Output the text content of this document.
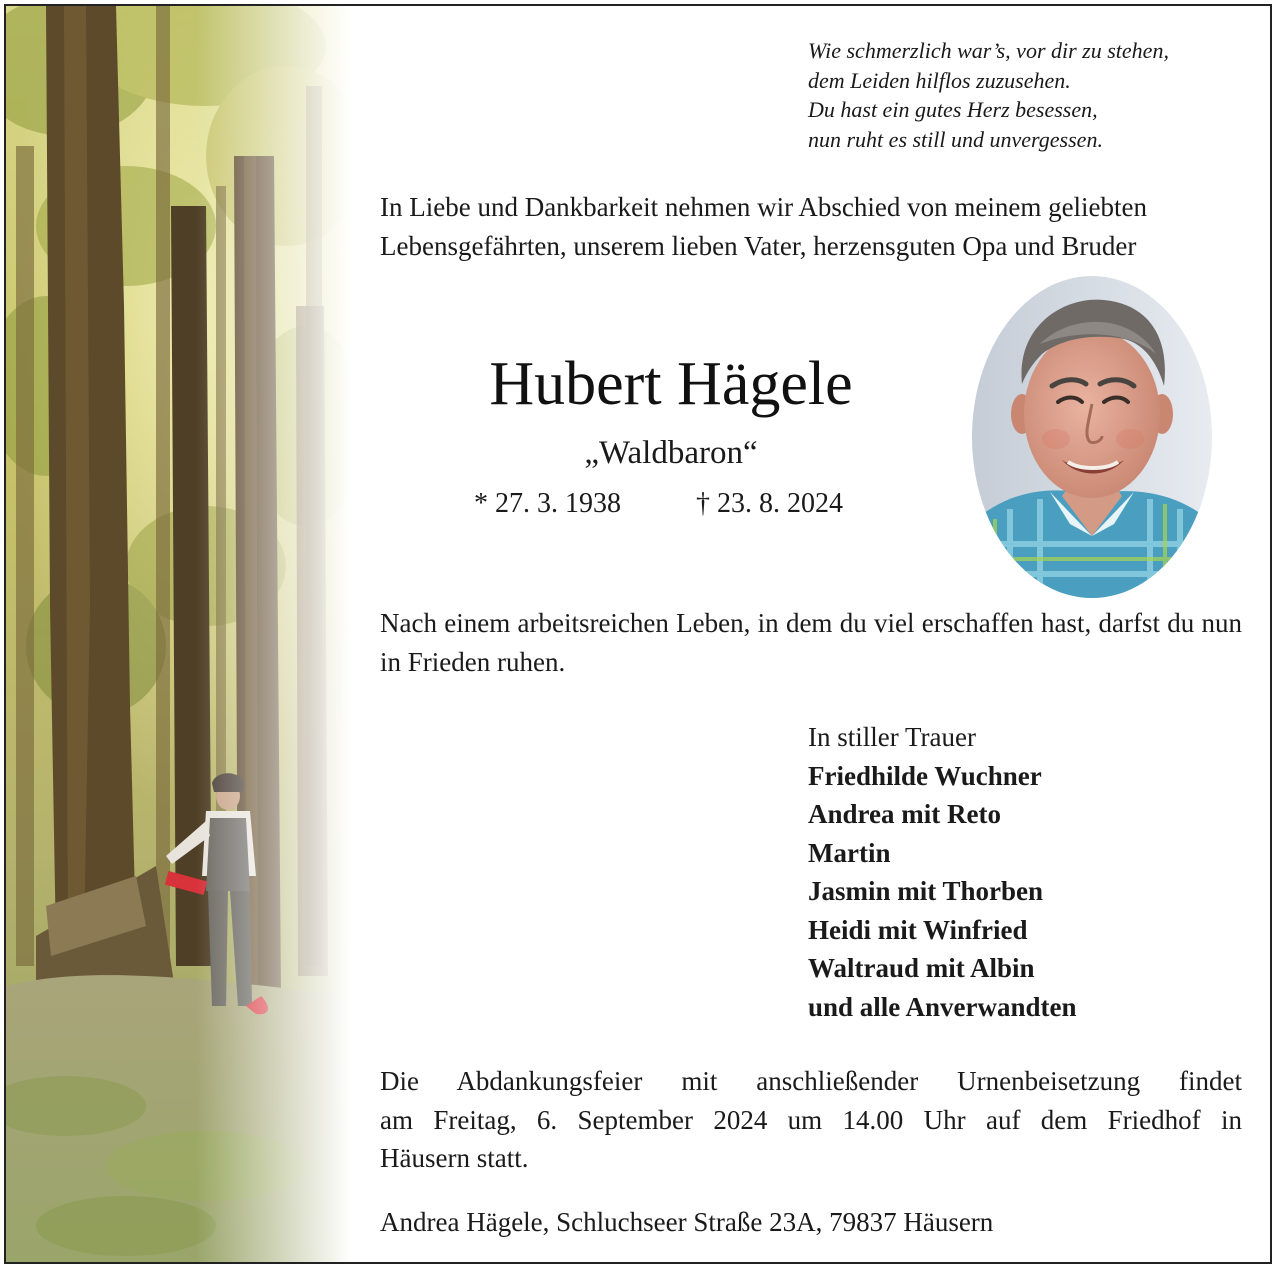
Wie schmerzlich war’s, vor dir zu stehen,
dem Leiden hilflos zuzusehen.
Du hast ein gutes Herz besessen,
nun ruht es still und unvergessen.
In Liebe und Dankbarkeit nehmen wir Abschied von meinem geliebten
Lebensgefährten, unserem lieben Vater, herzensguten Opa und Bruder
Hubert Hägele
„Waldbaron“
* 27. 3. 1938	† 23. 8. 2024
Nach einem arbeitsreichen Leben, in dem du viel erschaffen hast, darfst du nun in Frieden ruhen.
In stiller Trauer
Friedhilde Wuchner
Andrea mit Reto
Martin
Jasmin mit Thorben
Heidi mit Winfried
Waltraud mit Albin
und alle Anverwandten
Die Abdankungsfeier mit anschließender Urnenbeisetzung findet
am Freitag, 6. September 2024 um 14.00 Uhr auf dem Friedhof in
Häusern statt.
Andrea Hägele, Schluchseer Straße 23A, 79837 Häusern
